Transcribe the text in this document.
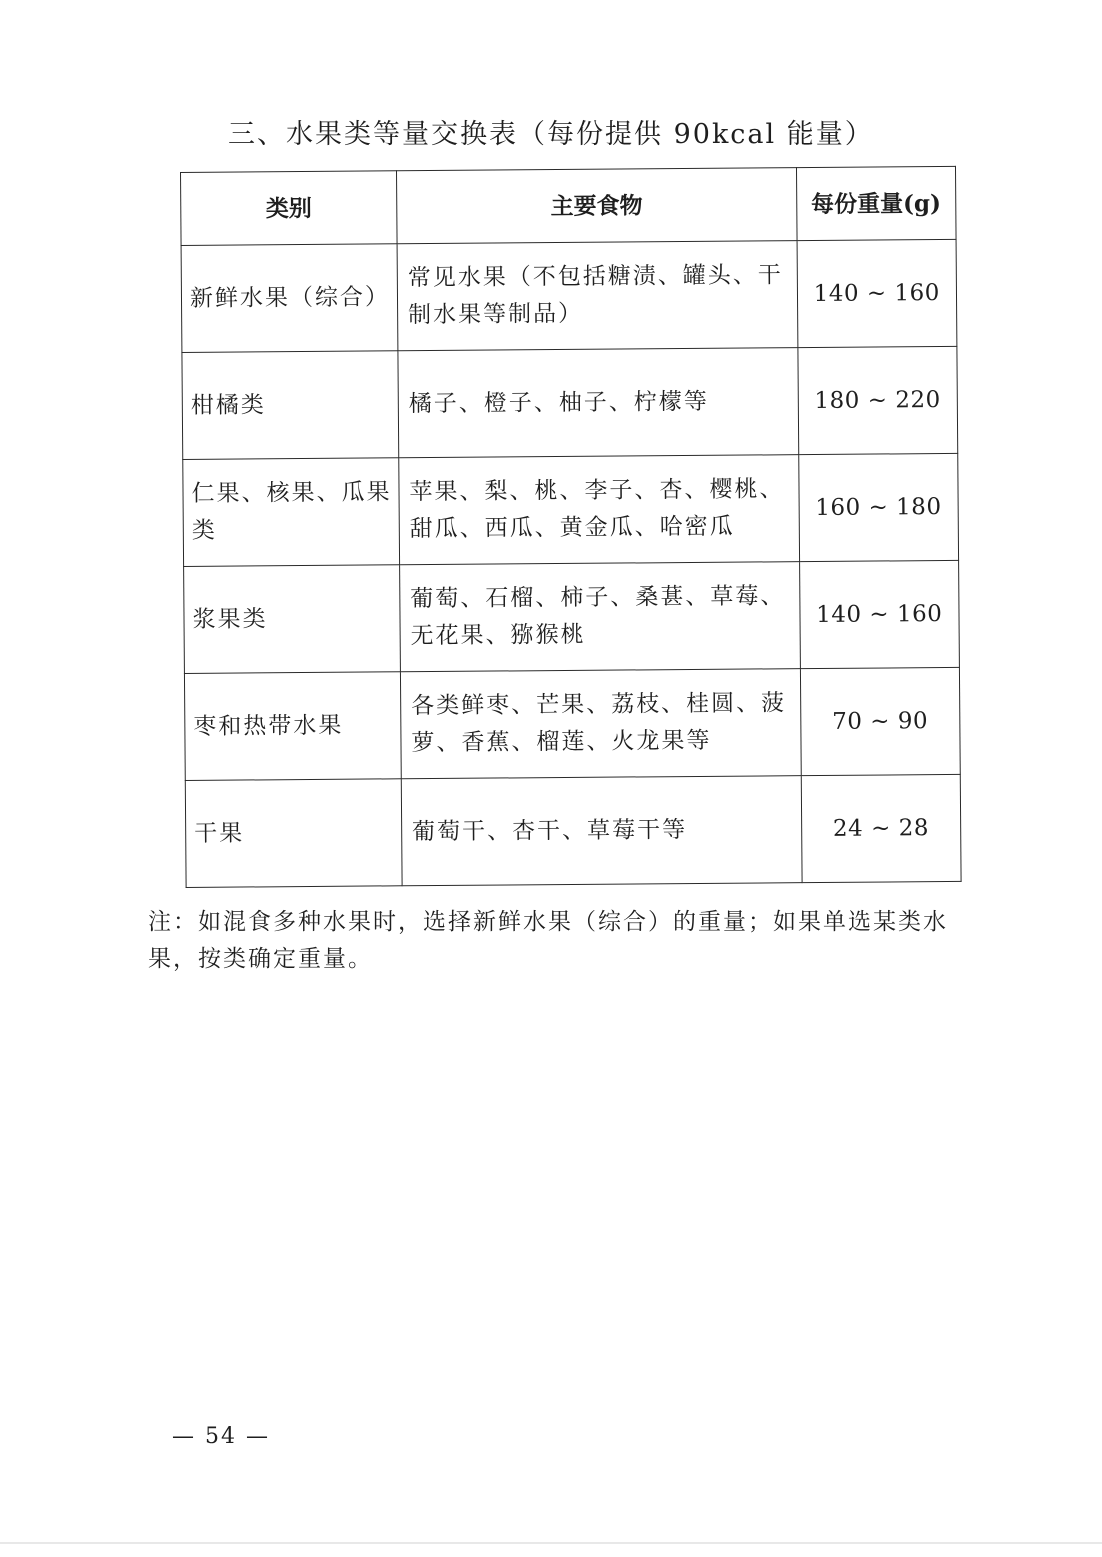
三、水果类等量交换表（每份提供 90kcal 能量）
类别	主要食物	每份重量(g)
新鲜水果（综合）	常见水果（不包括糖渍、罐头、干制水果等制品）	140 ~ 160
柑橘类	橘子、橙子、柚子、柠檬等	180 ~ 220
仁果、核果、瓜果类	苹果、梨、桃、李子、杏、樱桃、甜瓜、西瓜、黄金瓜、哈密瓜	160 ~ 180
浆果类	葡萄、石榴、柿子、桑葚、草莓、无花果、猕猴桃	140 ~ 160
枣和热带水果	各类鲜枣、芒果、荔枝、桂圆、菠萝、香蕉、榴莲、火龙果等	70 ~ 90
干果	葡萄干、杏干、草莓干等	24 ~ 28
注：如混食多种水果时，选择新鲜水果（综合）的重量；如果单选某类水果，按类确定重量。
— 54 —
